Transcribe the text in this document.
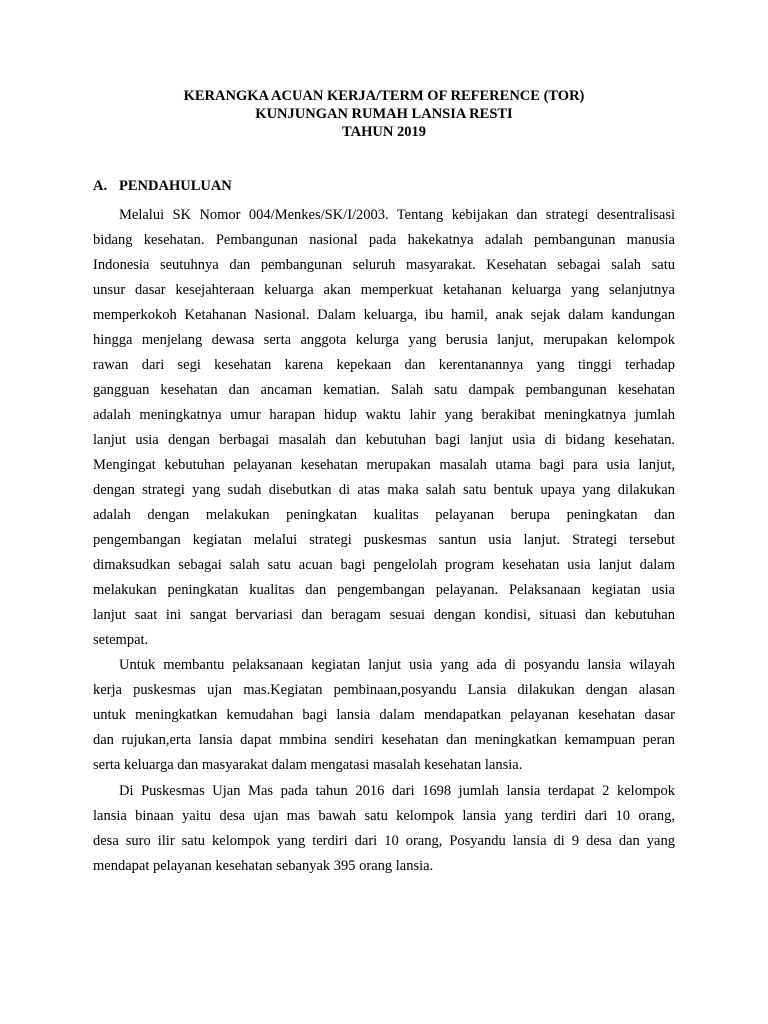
KERANGKA ACUAN KERJA/TERM OF REFERENCE (TOR)
KUNJUNGAN RUMAH LANSIA RESTI
TAHUN 2019
A. PENDAHULUAN
Melalui SK Nomor 004/Menkes/SK/I/2003. Tentang kebijakan dan strategi desentralisasi
bidang kesehatan. Pembangunan nasional pada hakekatnya adalah pembangunan manusia
Indonesia seutuhnya dan pembangunan seluruh masyarakat. Kesehatan sebagai salah satu
unsur dasar kesejahteraan keluarga akan memperkuat ketahanan keluarga yang selanjutnya
memperkokoh Ketahanan Nasional. Dalam keluarga, ibu hamil, anak sejak dalam kandungan
hingga menjelang dewasa serta anggota kelurga yang berusia lanjut, merupakan kelompok
rawan dari segi kesehatan karena kepekaan dan kerentanannya yang tinggi terhadap
gangguan kesehatan dan ancaman kematian. Salah satu dampak pembangunan kesehatan
adalah meningkatnya umur harapan hidup waktu lahir yang berakibat meningkatnya jumlah
lanjut usia dengan berbagai masalah dan kebutuhan bagi lanjut usia di bidang kesehatan.
Mengingat kebutuhan pelayanan kesehatan merupakan masalah utama bagi para usia lanjut,
dengan strategi yang sudah disebutkan di atas maka salah satu bentuk upaya yang dilakukan
adalah dengan melakukan peningkatan kualitas pelayanan berupa peningkatan dan
pengembangan kegiatan melalui strategi puskesmas santun usia lanjut. Strategi tersebut
dimaksudkan sebagai salah satu acuan bagi pengelolah program kesehatan usia lanjut dalam
melakukan peningkatan kualitas dan pengembangan pelayanan. Pelaksanaan kegiatan usia
lanjut saat ini sangat bervariasi dan beragam sesuai dengan kondisi, situasi dan kebutuhan
setempat.
Untuk membantu pelaksanaan kegiatan lanjut usia yang ada di posyandu lansia wilayah
kerja puskesmas ujan mas.Kegiatan pembinaan,posyandu Lansia dilakukan dengan alasan
untuk meningkatkan kemudahan bagi lansia dalam mendapatkan pelayanan kesehatan dasar
dan rujukan,erta lansia dapat mmbina sendiri kesehatan dan meningkatkan kemampuan peran
serta keluarga dan masyarakat dalam mengatasi masalah kesehatan lansia.
Di Puskesmas Ujan Mas pada tahun 2016 dari 1698 jumlah lansia terdapat 2 kelompok
lansia binaan yaitu desa ujan mas bawah satu kelompok lansia yang terdiri dari 10 orang,
desa suro ilir satu kelompok yang terdiri dari 10 orang, Posyandu lansia di 9 desa dan yang
mendapat pelayanan kesehatan sebanyak 395 orang lansia.
